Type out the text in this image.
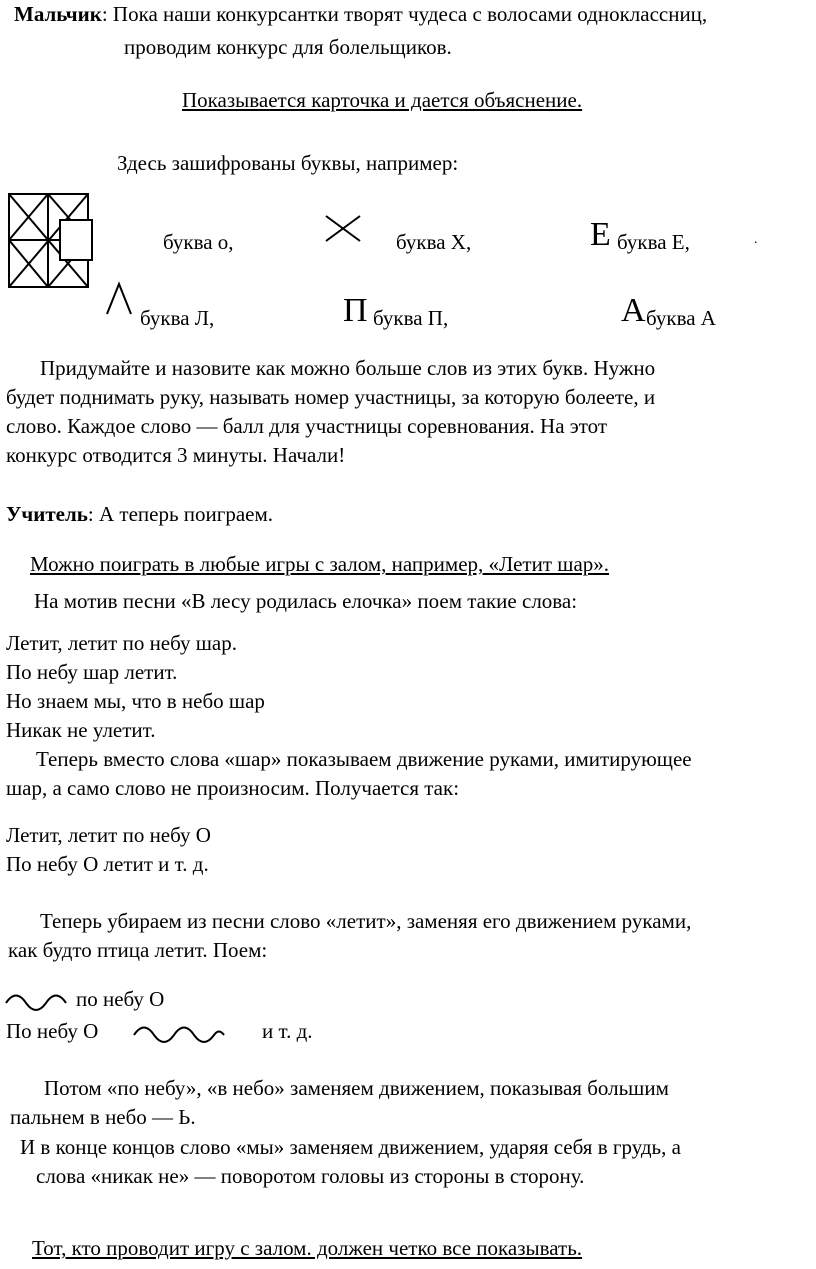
Мальчик: Пока наши конкурсантки творят чудеса с волосами одноклассниц,
проводим конкурс для болельщиков.
Показывается карточка и дается объяснение.
Здесь зашифрованы буквы, например:
буква о,	буква Х,	Е буква Е,	.
буква Л,	П буква П,	А буква А
Придумайте и назовите как можно больше слов из этих букв. Нужно
будет поднимать руку, называть номер участницы, за которую болеете, и
слово. Каждое слово — балл для участницы соревнования. На этот
конкурс отводится 3 минуты. Начали!
Учитель: А теперь поиграем.
Можно поиграть в любые игры с залом, например, «Летит шар».
На мотив песни «В лесу родилась елочка» поем такие слова:
Летит, летит по небу шар.
По небу шар летит.
Но знаем мы, что в небо шар
Никак не улетит.
Теперь вместо слова «шар» показываем движение руками, имитирующее
шар, а само слово не произносим. Получается так:
Летит, летит по небу О
По небу О летит и т. д.
Теперь убираем из песни слово «летит», заменяя его движением руками,
как будто птица летит. Поем:
по небу О
По небу О	и т. д.
Потом «по небу», «в небо» заменяем движением, показывая большим
пальнем в небо — Ь.
И в конце концов слово «мы» заменяем движением, ударяя себя в грудь, а
слова «никак не» — поворотом головы из стороны в сторону.
Тот, кто проводит игру с залом. должен четко все показывать.
